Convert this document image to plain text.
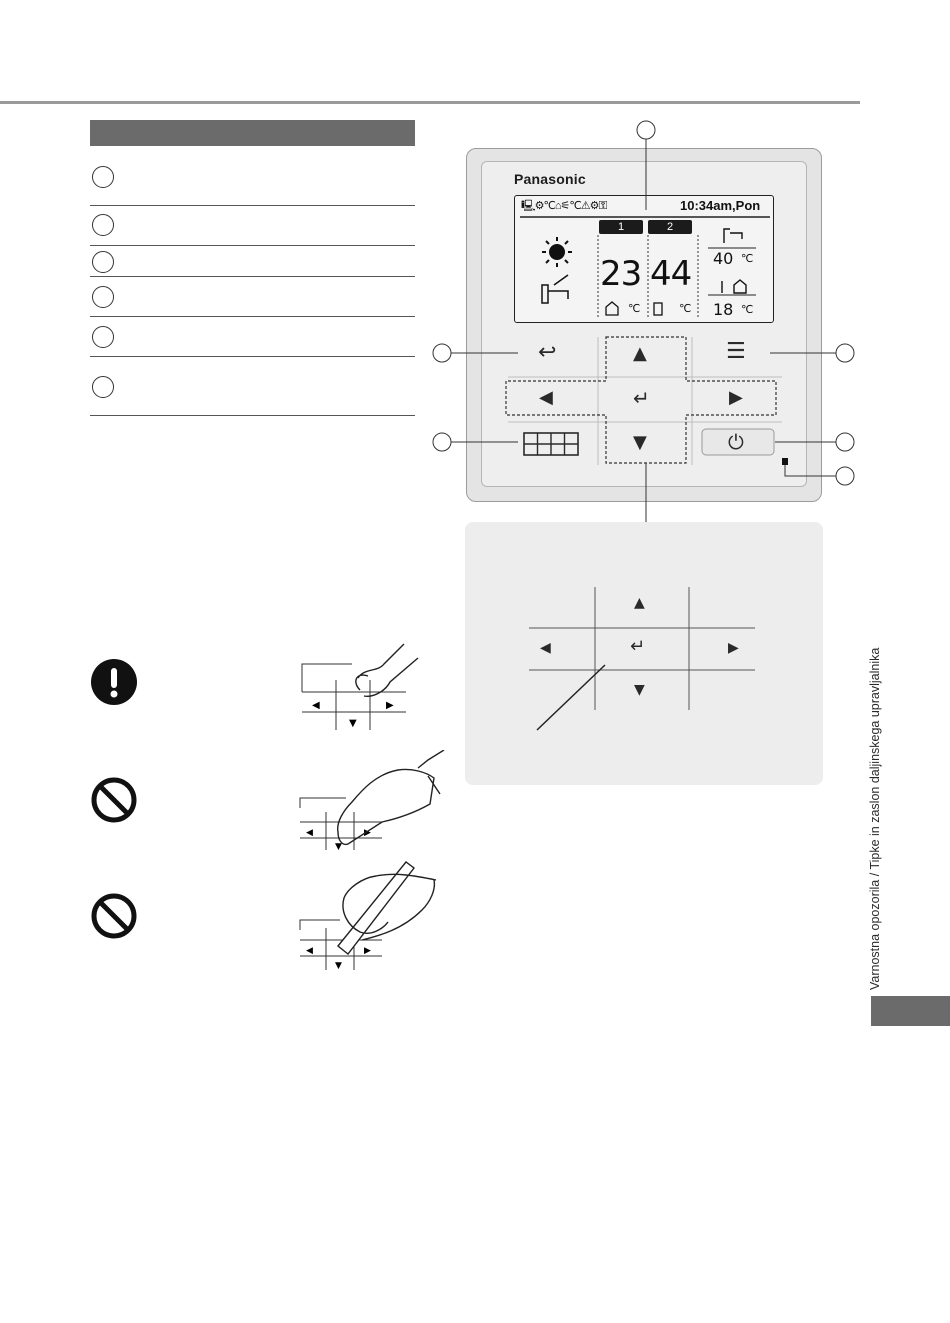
Panasonic
🖳⚙℃⌂⚟℃⚠⚙⚿	10:34am,Pon
1	2
23 44
℃	℃
40 ℃
18 ℃
↩	▲	☰
◀	↵	▶
▼	⏻
▲
◀	↵	▶
▼
◀	▶
▼
◀	▶
▼
◀	▶
▼	Varnostna opozorila / Tipke in zaslon daljinskega upravljalnika
